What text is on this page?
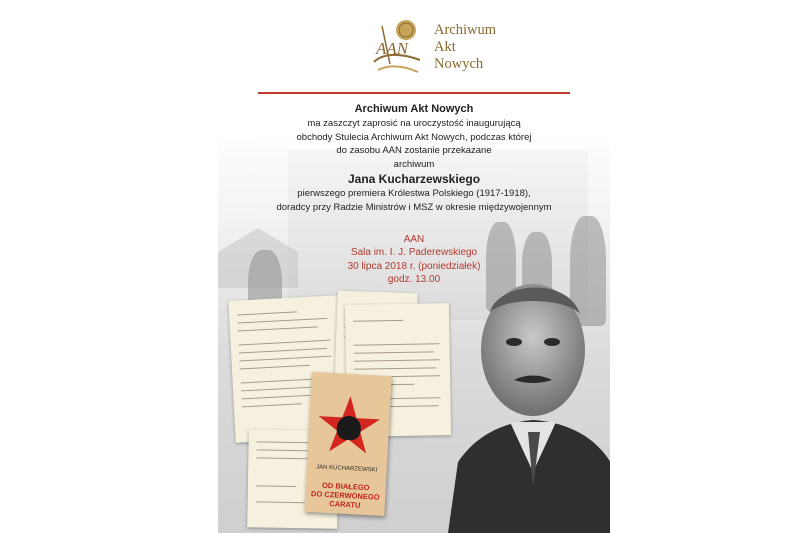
AAN
Archiwum
Akt
Nowych
Archiwum Akt Nowych
ma zaszczyt zaprosić na uroczystość inaugurującą
obchody Stulecia Archiwum Akt Nowych, podczas której
do zasobu AAN zostanie przekazane
archiwum
Jana Kucharzewskiego
pierwszego premiera Królestwa Polskiego (1917-1918),
doradcy przy Radzie Ministrów i MSZ w okresie międzywojennym
AAN
Sala im. I. J. Paderewskiego
30 lipca 2018 r. (poniedziałek)
godz. 13.00
JAN KUCHARZEWSKI
OD BIAŁEGO
DO CZERWONEGO
CARATU
